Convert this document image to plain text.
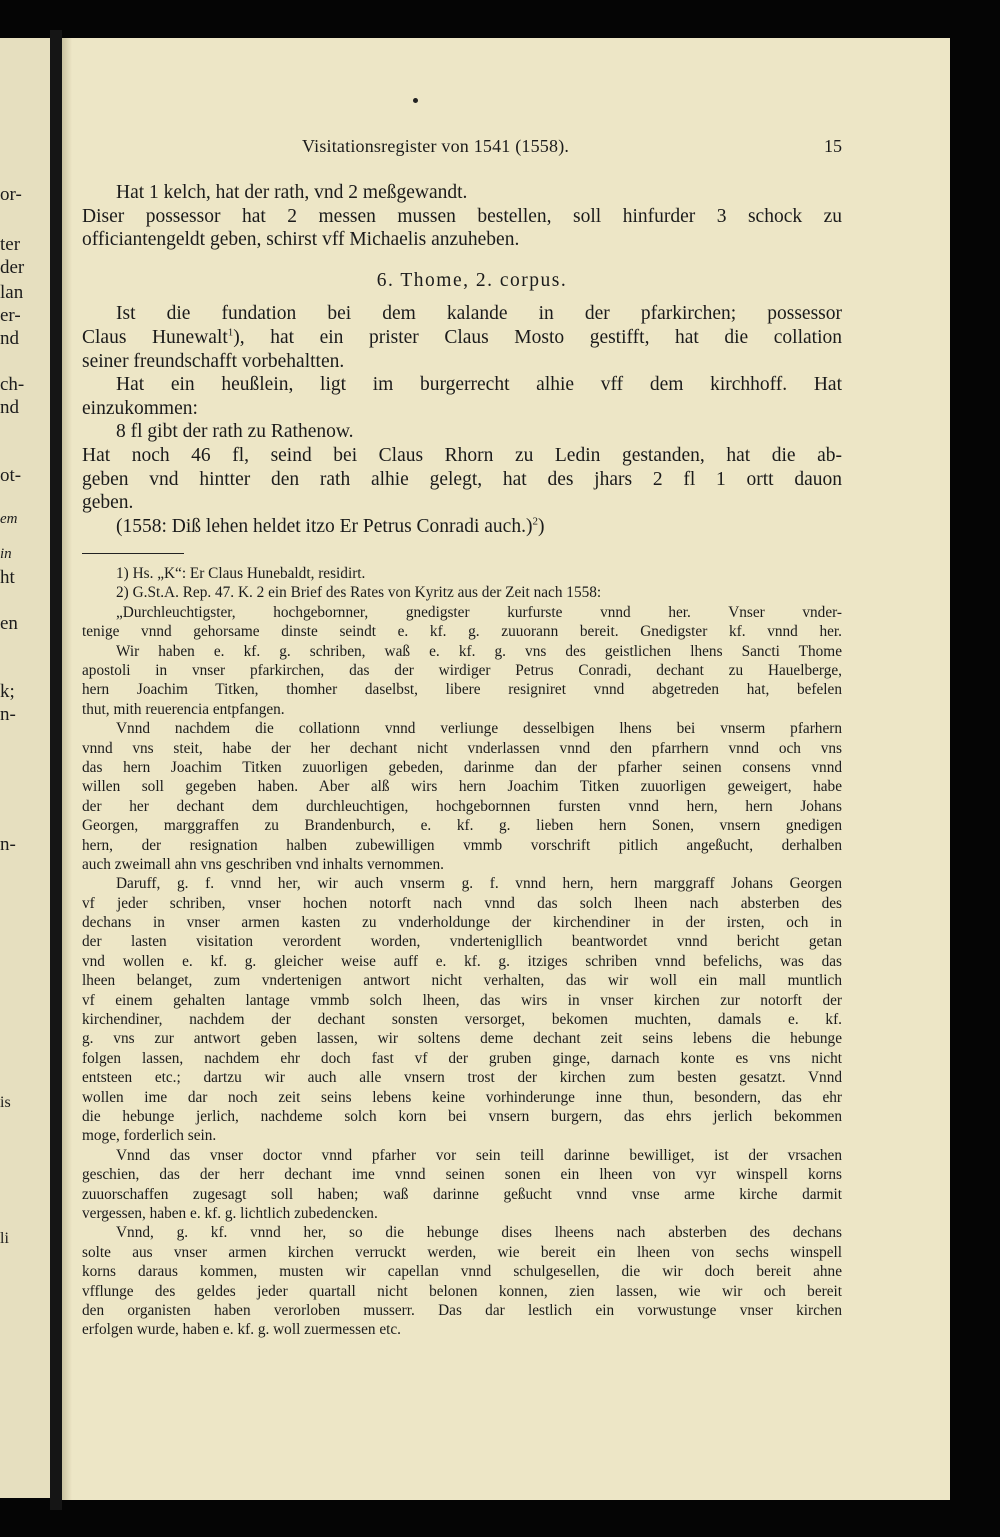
or-
ter
der
lan
er-
nd
ch-
nd
ot-
em
in
ht
en
k;
n-
n-
is
li
Visitationsregister von 1541 (1558).	15
Hat 1 kelch, hat der rath, vnd 2 meßgewandt.
Diser possessor hat 2 messen mussen bestellen, soll hinfurder 3 schock zu
officiantengeldt geben, schirst vff Michaelis anzuheben.
6. Thome, 2. corpus.
Ist die fundation bei dem kalande in der pfarkirchen; possessor
Claus Hunewalt$^1$), hat ein prister Claus Mosto gestifft, hat die collation
seiner freundschafft vorbehaltten.
Hat ein heußlein, ligt im burgerrecht alhie vff dem kirchhoff. Hat
einzukommen:
8 fl gibt der rath zu Rathenow.
Hat noch 46 fl, seind bei Claus Rhorn zu Ledin gestanden, hat die ab-
geben vnd hintter den rath alhie gelegt, hat des jhars 2 fl 1 ortt dauon
geben.
(1558: Diß lehen heldet itzo Er Petrus Conradi auch.)$^2$)
1) Hs. „K“: Er Claus Hunebaldt, residirt.
2) G.St.A. Rep. 47. K. 2 ein Brief des Rates von Kyritz aus der Zeit nach 1558:
„Durchleuchtigster, hochgebornner, gnedigster kurfurste vnnd her. Vnser vnder-
tenige vnnd gehorsame dinste seindt e. kf. g. zuuorann bereit. Gnedigster kf. vnnd her.
Wir haben e. kf. g. schriben, waß e. kf. g. vns des geistlichen lhens Sancti Thome
apostoli in vnser pfarkirchen, das der wirdiger Petrus Conradi, dechant zu Hauelberge,
hern Joachim Titken, thomher daselbst, libere resigniret vnnd abgetreden hat, befelen
thut, mith reuerencia entpfangen.
Vnnd nachdem die collationn vnnd verliunge desselbigen lhens bei vnserm pfarhern
vnnd vns steit, habe der her dechant nicht vnderlassen vnnd den pfarrhern vnnd och vns
das hern Joachim Titken zuuorligen gebeden, darinme dan der pfarher seinen consens vnnd
willen soll gegeben haben. Aber alß wirs hern Joachim Titken zuuorligen geweigert, habe
der her dechant dem durchleuchtigen, hochgebornnen fursten vnnd hern, hern Johans
Georgen, marggraffen zu Brandenburch, e. kf. g. lieben hern Sonen, vnsern gnedigen
hern, der resignation halben zubewilligen vmmb vorschrift pitlich angeßucht, derhalben
auch zweimall ahn vns geschriben vnd inhalts vernommen.
Daruff, g. f. vnnd her, wir auch vnserm g. f. vnnd hern, hern marggraff Johans Georgen
vf jeder schriben, vnser hochen notorft nach vnnd das solch lheen nach absterben des
dechans in vnser armen kasten zu vnderholdunge der kirchendiner in der irsten, och in
der lasten visitation verordent worden, vndertenigllich beantwordet vnnd bericht getan
vnd wollen e. kf. g. gleicher weise auff e. kf. g. itziges schriben vnnd befelichs, was das
lheen belanget, zum vndertenigen antwort nicht verhalten, das wir woll ein mall muntlich
vf einem gehalten lantage vmmb solch lheen, das wirs in vnser kirchen zur notorft der
kirchendiner, nachdem der dechant sonsten versorget, bekomen muchten, damals e. kf.
g. vns zur antwort geben lassen, wir soltens deme dechant zeit seins lebens die hebunge
folgen lassen, nachdem ehr doch fast vf der gruben ginge, darnach konte es vns nicht
entsteen etc.; dartzu wir auch alle vnsern trost der kirchen zum besten gesatzt. Vnnd
wollen ime dar noch zeit seins lebens keine vorhinderunge inne thun, besondern, das ehr
die hebunge jerlich, nachdeme solch korn bei vnsern burgern, das ehrs jerlich bekommen
moge, forderlich sein.
Vnnd das vnser doctor vnnd pfarher vor sein teill darinne bewilliget, ist der vrsachen
geschien, das der herr dechant ime vnnd seinen sonen ein lheen von vyr winspell korns
zuuorschaffen zugesagt soll haben; waß darinne geßucht vnnd vnse arme kirche darmit
vergessen, haben e. kf. g. lichtlich zubedencken.
Vnnd, g. kf. vnnd her, so die hebunge dises lheens nach absterben des dechans
solte aus vnser armen kirchen verruckt werden, wie bereit ein lheen von sechs winspell
korns daraus kommen, musten wir capellan vnnd schulgesellen, die wir doch bereit ahne
vfflunge des geldes jeder quartall nicht belonen konnen, zien lassen, wie wir och bereit
den organisten haben verorloben musserr. Das dar lestlich ein vorwustunge vnser kirchen
erfolgen wurde, haben e. kf. g. woll zuermessen etc.
